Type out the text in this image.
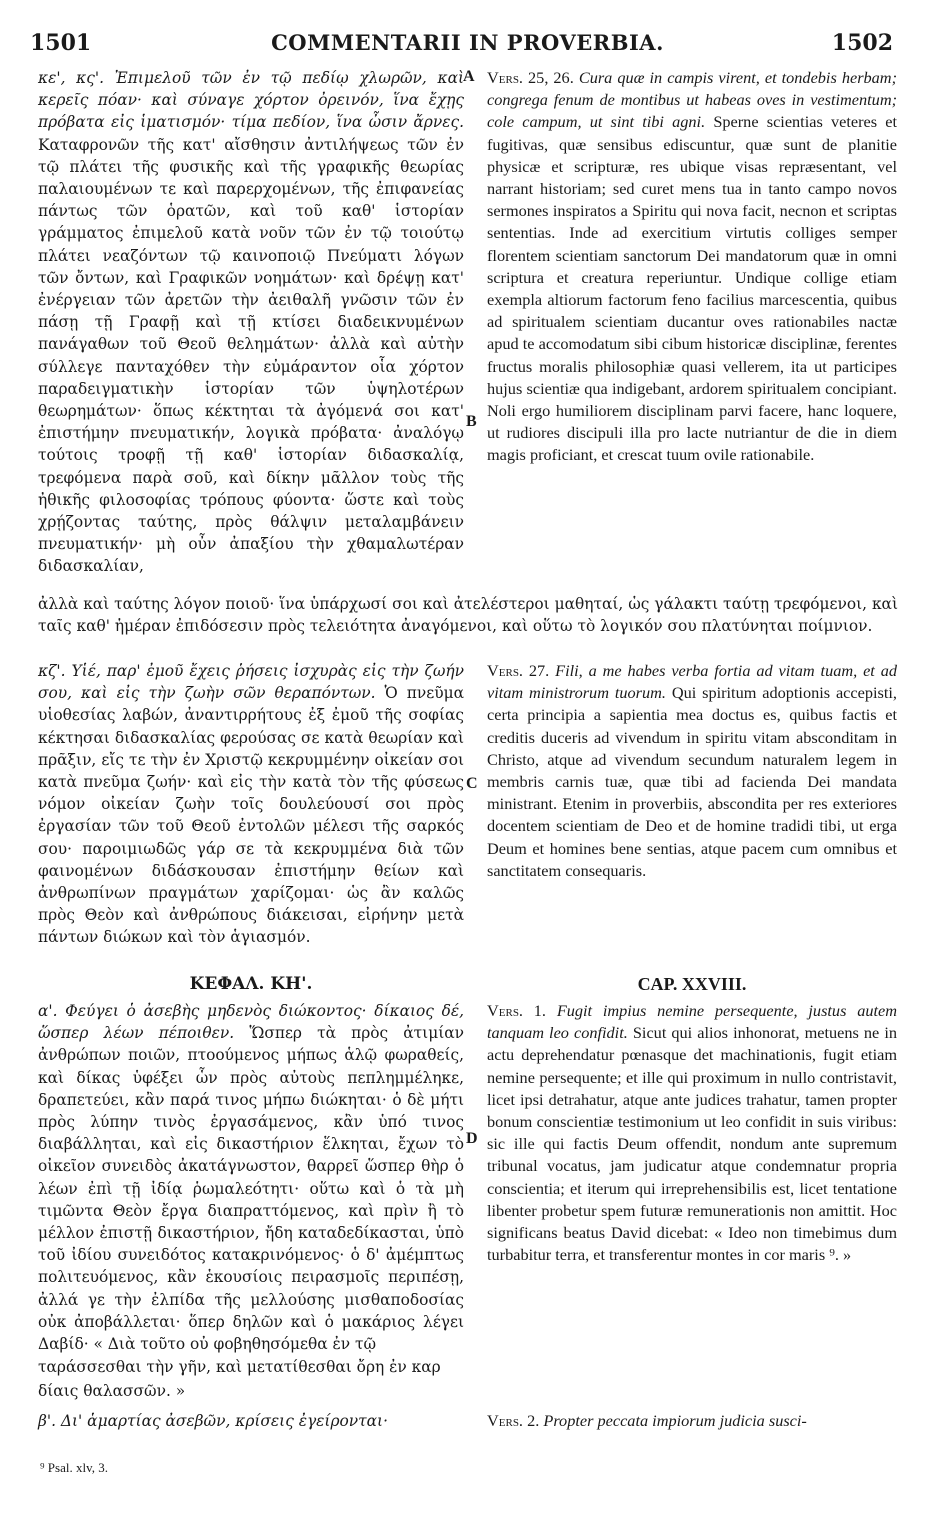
1501	COMMENTARII IN PROVERBIA.	1502

κε', κς'. Ἐπιμελοῦ τῶν ἐν τῷ πεδίῳ χλωρῶν, καὶ κερεῖς πόαν· καὶ σύναγε χόρτον ὀρεινόν, ἵνα ἔχῃς πρόβατα εἰς ἱματισμόν· τίμα πεδίον, ἵνα ὦσιν ἄρνες. Καταφρονῶν τῆς κατ' αἴσθησιν ἀντιλήψεως τῶν ἐν τῷ πλάτει τῆς φυσικῆς καὶ τῆς γραφικῆς θεωρίας παλαιουμένων τε καὶ παρερχομένων, τῆς ἐπιφανείας πάντως τῶν ὁρατῶν, καὶ τοῦ καθ' ἱστορίαν γράμματος ἐπιμελοῦ κατὰ νοῦν τῶν ἐν τῷ τοιούτῳ πλάτει νεαζόντων τῷ καινοποιῷ Πνεύματι λόγων τῶν ὄντων, καὶ Γραφικῶν νοημάτων· καὶ δρέψῃ κατ' ἐνέργειαν τῶν ἀρετῶν τὴν ἀειθαλῆ γνῶσιν τῶν ἐν πάσῃ τῇ Γραφῇ καὶ τῇ κτίσει διαδεικνυμένων πανάγαθων τοῦ Θεοῦ θελημάτων· ἀλλὰ καὶ αὐτὴν σύλλεγε πανταχόθεν τὴν εὐμάραντον οἷα χόρτον παραδειγματικὴν ἱστορίαν τῶν ὑψηλοτέρων θεωρημάτων· ὅπως κέκτηται τὰ ἀγόμενά σοι κατ' ἐπιστήμην πνευματικήν, λογικὰ πρόβατα· ἀναλόγῳ τούτοις τροφῇ τῇ καθ' ἱστορίαν διδασκαλίᾳ, τρεφόμενα παρὰ σοῦ, καὶ δίκην μᾶλλον τοὺς τῆς ἠθικῆς φιλοσοφίας τρόπους φύοντα· ὥστε καὶ τοὺς χρῄζοντας ταύτης, πρὸς θάλψιν μεταλαμβάνειν πνευματικήν· μὴ οὖν ἀπαξίου τὴν χθαμαλωτέραν διδασκαλίαν,

Vers. 25, 26. Cura quæ in campis virent, et tondebis herbam; congrega fenum de montibus ut habeas oves in vestimentum; cole campum, ut sint tibi agni. Sperne scientias veteres et fugitivas, quæ sensibus ediscuntur, quæ sunt de planitie physicæ et scripturæ, res ubique visas repræsentant, vel narrant historiam; sed curet mens tua in tanto campo novos sermones inspiratos a Spiritu qui nova facit, necnon et scriptas sententias. Inde ad exercitium virtutis colliges semper florentem scientiam sanctorum Dei mandatorum quæ in omni scriptura et creatura reperiuntur. Undique collige etiam exempla altiorum factorum feno facilius marcescentia, quibus ad spiritualem scientiam ducantur oves rationabiles nactæ apud te accomodatum sibi cibum historicæ disciplinæ, ferentes fructus moralis philosophiæ quasi vellerem, ita ut participes hujus scientiæ qua indigebant, ardorem spiritualem concipiant. Noli ergo humiliorem disciplinam parvi facere, hanc loquere, ut rudiores discipuli illa pro lacte nutriantur de die in diem magis proficiant, et crescat tuum ovile rationabile.

ἀλλὰ καὶ ταύτης λόγον ποιοῦ· ἵνα ὑπάρχωσί σοι καὶ ἀτελέστεροι μαθηταί, ὡς γάλακτι ταύτῃ τρεφόμενοι, καὶ ταῖς καθ' ἡμέραν ἐπιδόσεσιν πρὸς τελειότητα ἀναγόμενοι, καὶ οὕτω τὸ λογικόν σου πλατύνηται ποίμνιον.

κζ'. Υἱέ, παρ' ἐμοῦ ἔχεις ῥήσεις ἰσχυρὰς εἰς τὴν ζωήν σου, καὶ εἰς τὴν ζωὴν σῶν θεραπόντων. Ὁ πνεῦμα υἱοθεσίας λαβών, ἀναντιρρήτους ἐξ ἐμοῦ τῆς σοφίας κέκτησαι διδασκαλίας φερούσας σε κατὰ θεωρίαν καὶ πρᾶξιν, εἴς τε τὴν ἐν Χριστῷ κεκρυμμένην οἰκείαν σοι κατὰ πνεῦμα ζωήν· καὶ εἰς τὴν κατὰ τὸν τῆς φύσεως νόμον οἰκείαν ζωὴν τοῖς δουλεύουσί σοι πρὸς ἐργασίαν τῶν τοῦ Θεοῦ ἐντολῶν μέλεσι τῆς σαρκός σου· παροιμιωδῶς γάρ σε τὰ κεκρυμμένα διὰ τῶν φαινομένων διδάσκουσαν ἐπιστήμην θείων καὶ ἀνθρωπίνων πραγμάτων χαρίζομαι· ὡς ἂν καλῶς πρὸς Θεὸν καὶ ἀνθρώπους διάκεισαι, εἰρήνην μετὰ πάντων διώκων καὶ τὸν ἁγιασμόν.

Vers. 27. Fili, a me habes verba fortia ad vitam tuam, et ad vitam ministrorum tuorum. Qui spiritum adoptionis accepisti, certa principia a sapientia mea doctus es, quibus factis et creditis duceris ad vivendum in spiritu vitam absconditam in Christo, atque ad vivendum secundum naturalem legem in membris carnis tuæ, quæ tibi ad facienda Dei mandata ministrant. Etenim in proverbiis, abscondita per res exteriores docentem scientiam de Deo et de homine tradidi tibi, ut erga Deum et homines bene sentias, atque pacem cum omnibus et sanctitatem consequaris.

ΚΕΦΑΛ. ΚΗ'.	CAP. XXVIII.

α'. Φεύγει ὁ ἀσεβὴς μηδενὸς διώκοντος· δίκαιος δέ, ὥσπερ λέων πέποιθεν. Ὥσπερ τὰ πρὸς ἀτιμίαν ἀνθρώπων ποιῶν, πτοούμενος μήπως ἁλῷ φωραθείς, καὶ δίκας ὑφέξει ὧν πρὸς αὐτοὺς πεπλημμέληκε, δραπετεύει, κἂν παρά τινος μήπω διώκηται· ὁ δὲ μήτι πρὸς λύπην τινὸς ἐργασάμενος, κἂν ὑπό τινος διαβάλληται, καὶ εἰς δικαστήριον ἕλκηται, ἔχων τὸ οἰκεῖον συνειδὸς ἀκατάγνωστον, θαρρεῖ ὥσπερ θὴρ ὁ λέων ἐπὶ τῇ ἰδίᾳ ῥωμαλεότητι· οὕτω καὶ ὁ τὰ μὴ τιμῶντα Θεὸν ἔργα διαπραττόμενος, καὶ πρὶν ἢ τὸ μέλλον ἐπιστῇ δικαστήριον, ἤδη καταδεδίκασται, ὑπὸ τοῦ ἰδίου συνειδότος κατακρινόμενος· ὁ δ' ἀμέμπτως πολιτευόμενος, κἂν ἑκουσίοις πειρασμοῖς περιπέσῃ, ἀλλά γε τὴν ἐλπίδα τῆς μελλούσης μισθαποδοσίας οὐκ ἀποβάλλεται· ὅπερ δηλῶν καὶ ὁ μακάριος λέγει Δαβίδ· « Διὰ τοῦτο οὐ φοβηθησόμεθα ἐν τῷ

Vers. 1. Fugit impius nemine persequente, justus autem tanquam leo confidit. Sicut qui alios inhonorat, metuens ne in actu deprehendatur pœnasque det machinationis, fugit etiam nemine persequente; et ille qui proximum in nullo contristavit, licet ipsi detrahatur, atque ante judices trahatur, tamen propter bonum conscientiæ testimonium ut leo confidit in suis viribus: sic ille qui factis Deum offendit, nondum ante supremum tribunal vocatus, jam judicatur atque condemnatur propria conscientia; et iterum qui irreprehensibilis est, licet tentatione libenter probetur spem futuræ remunerationis non amittit. Hoc significans beatus David dicebat: « Ideo non timebimus dum turbabitur terra, et transferentur montes in cor maris ⁹. »

ταράσσεσθαι τὴν γῆν, καὶ μετατίθεσθαι ὄρη ἐν καρ

δίαις θαλασσῶν. »

β'. Δι' ἁμαρτίας ἀσεβῶν, κρίσεις ἐγείρονται·	Vers. 2. Propter peccata impiorum judicia susci-

A
B
C
D
⁹ Psal. xlv, 3.
